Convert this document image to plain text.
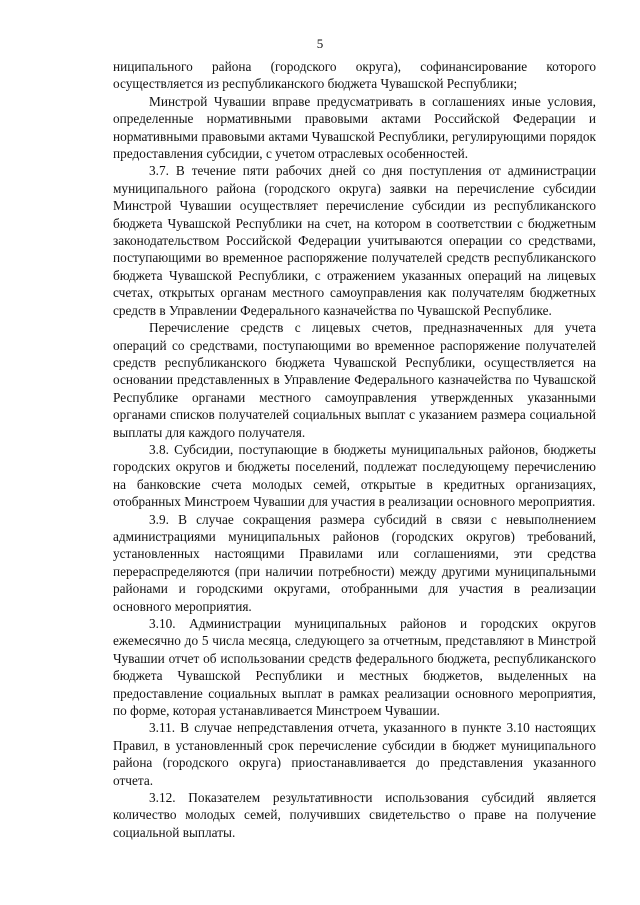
5

ниципального района (городского округа), софинансирование которого осуществляется из республиканского бюджета Чувашской Республики;

Минстрой Чувашии вправе предусматривать в соглашениях иные условия, определенные нормативными правовыми актами Российской Федерации и нормативными правовыми актами Чувашской Республики, регулирующими порядок предоставления субсидии, с учетом отраслевых особенностей.

3.7. В течение пяти рабочих дней со дня поступления от администрации муниципального района (городского округа) заявки на перечисление субсидии Минстрой Чувашии осуществляет перечисление субсидии из республиканского бюджета Чувашской Республики на счет, на котором в соответствии с бюджетным законодательством Российской Федерации учитываются операции со средствами, поступающими во временное распоряжение получателей средств республиканского бюджета Чувашской Республики, с отражением указанных операций на лицевых счетах, открытых органам местного самоуправления как получателям бюджетных средств в Управлении Федерального казначейства по Чувашской Республике.

Перечисление средств с лицевых счетов, предназначенных для учета операций со средствами, поступающими во временное распоряжение получателей средств республиканского бюджета Чувашской Республики, осуществляется на основании представленных в Управление Федерального казначейства по Чувашской Республике органами местного самоуправления утвержденных указанными органами списков получателей социальных выплат с указанием размера социальной выплаты для каждого получателя.

3.8. Субсидии, поступающие в бюджеты муниципальных районов, бюджеты городских округов и бюджеты поселений, подлежат последующему перечислению на банковские счета молодых семей, открытые в кредитных организациях, отобранных Минстроем Чувашии для участия в реализации основного мероприятия.

3.9. В случае сокращения размера субсидий в связи с невыполнением администрациями муниципальных районов (городских округов) требований, установленных настоящими Правилами или соглашениями, эти средства перераспределяются (при наличии потребности) между другими муниципальными районами и городскими округами, отобранными для участия в реализации основного мероприятия.

3.10. Администрации муниципальных районов и городских округов ежемесячно до 5 числа месяца, следующего за отчетным, представляют в Минстрой Чувашии отчет об использовании средств федерального бюджета, республиканского бюджета Чувашской Республики и местных бюджетов, выделенных на предоставление социальных выплат в рамках реализации основного мероприятия, по форме, которая устанавливается Минстроем Чувашии.

3.11. В случае непредставления отчета, указанного в пункте 3.10 настоящих Правил, в установленный срок перечисление субсидии в бюджет муниципального района (городского округа) приостанавливается до представления указанного отчета.

3.12. Показателем результативности использования субсидий является количество молодых семей, получивших свидетельство о праве на получение социальной выплаты.
